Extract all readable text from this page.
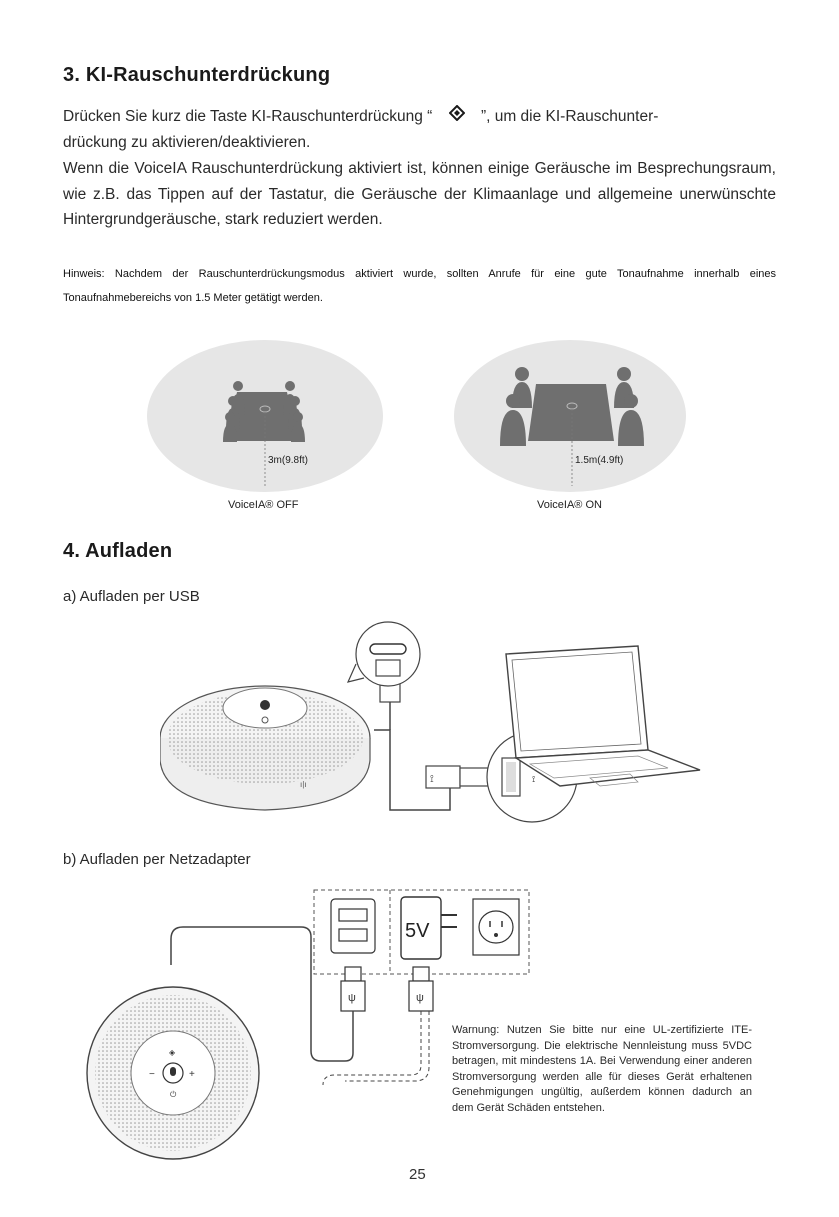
3. KI-Rauschunterdrückung
Drücken Sie kurz die Taste KI-Rauschunterdrückung “	”, um die KI-Rauschunter-
drückung zu aktivieren/deaktivieren.
Wenn die VoiceIA Rauschunterdrückung aktiviert ist, können einige Geräusche im Besprechungsraum, wie z.B. das Tippen auf der Tastatur, die Geräusche der Klimaanlage und allgemeine unerwünschte Hintergrundgeräusche, stark reduziert werden.
Hinweis: Nachdem der Rauschunterdrückungsmodus aktiviert wurde, sollten Anrufe für eine gute Tonaufnahme innerhalb eines Tonaufnahmebereichs von 1.5 Meter getätigt werden.
3m(9.8ft)
VoiceIA® OFF
1.5m(4.9ft)
VoiceIA® ON
4. Aufladen
a) Aufladen per USB
ı|ı	⟟	⟟
b) Aufladen per Netzadapter
5V
ψ	ψ
−	+
◈
⏻
Warnung: Nutzen Sie bitte nur eine UL-zertifizierte ITE-Stromversorgung. Die elektrische Nennleistung muss 5VDC betragen, mit mindestens 1A. Bei Verwendung einer anderen Stromversorgung werden alle für dieses Gerät erhaltenen Genehmigungen ungültig, außerdem können dadurch an dem Gerät Schäden entstehen.
25
